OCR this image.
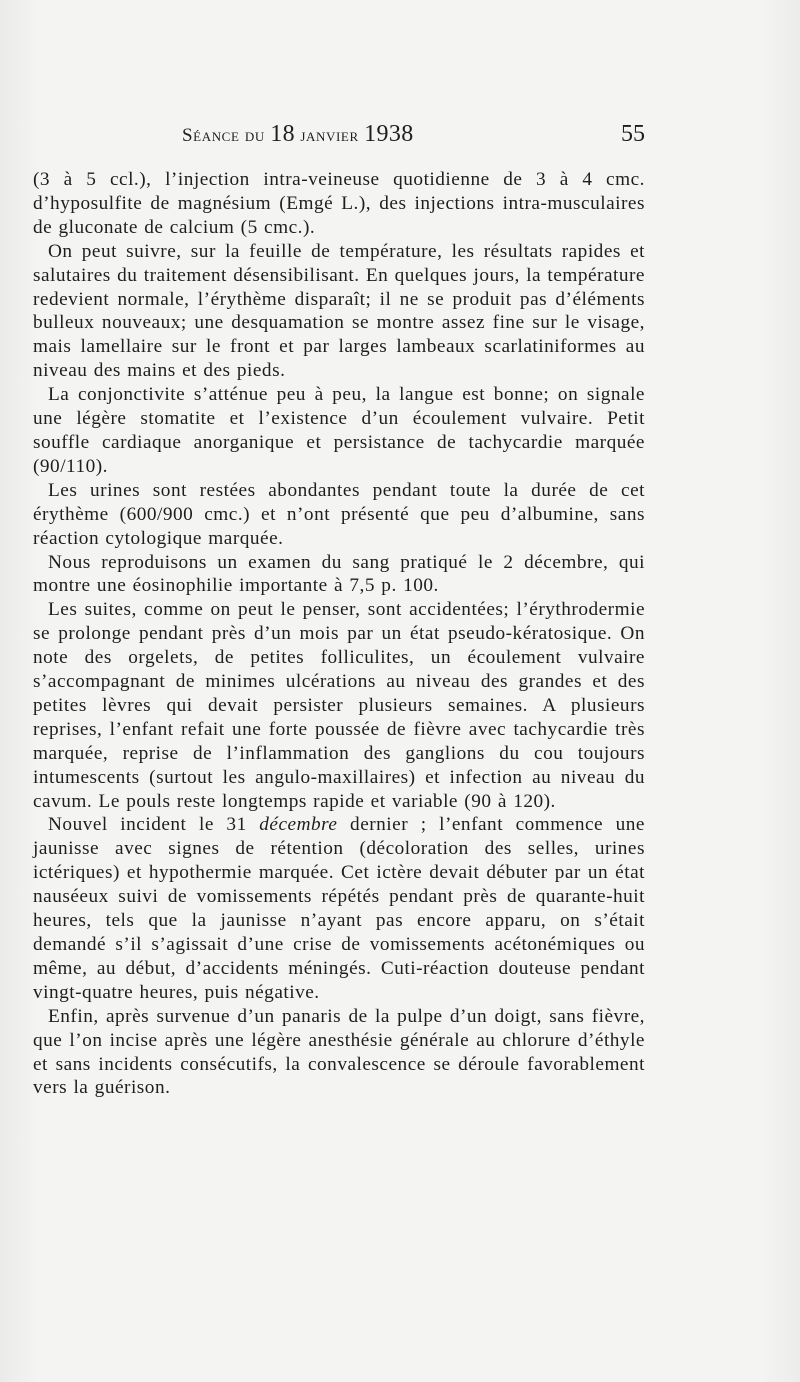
Séance du 18 janvier 1938	55

(3 à 5 ccl.), l’injection intra-veineuse quotidienne de 3 à 4 cmc. d’hyposulfite de magnésium (Emgé L.), des injections intra-musculaires de gluconate de calcium (5 cmc.).

On peut suivre, sur la feuille de température, les résultats rapides et salutaires du traitement désensibilisant. En quelques jours, la température redevient normale, l’érythème disparaît; il ne se produit pas d’éléments bulleux nouveaux; une desquamation se montre assez fine sur le visage, mais lamellaire sur le front et par larges lambeaux scarlatiniformes au niveau des mains et des pieds.

La conjonctivite s’atténue peu à peu, la langue est bonne; on signale une légère stomatite et l’existence d’un écoulement vulvaire. Petit souffle cardiaque anorganique et persistance de tachycardie marquée (90/110).

Les urines sont restées abondantes pendant toute la durée de cet érythème (600/900 cmc.) et n’ont présenté que peu d’albumine, sans réaction cytologique marquée.

Nous reproduisons un examen du sang pratiqué le 2 décembre, qui montre une éosinophilie importante à 7,5 p. 100.

Les suites, comme on peut le penser, sont accidentées; l’érythrodermie se prolonge pendant près d’un mois par un état pseudo-kératosique. On note des orgelets, de petites folliculites, un écoulement vulvaire s’accompagnant de minimes ulcérations au niveau des grandes et des petites lèvres qui devait persister plusieurs semaines. A plusieurs reprises, l’enfant refait une forte poussée de fièvre avec tachycardie très marquée, reprise de l’inflammation des ganglions du cou toujours intumescents (surtout les angulo-maxillaires) et infection au niveau du cavum. Le pouls reste longtemps rapide et variable (90 à 120).

Nouvel incident le 31 décembre dernier ; l’enfant commence une jaunisse avec signes de rétention (décoloration des selles, urines ictériques) et hypothermie marquée. Cet ictère devait débuter par un état nauséeux suivi de vomissements répétés pendant près de quarante-huit heures, tels que la jaunisse n’ayant pas encore apparu, on s’était demandé s’il s’agissait d’une crise de vomissements acétonémiques ou même, au début, d’accidents méningés. Cuti-réaction douteuse pendant vingt-quatre heures, puis négative.

Enfin, après survenue d’un panaris de la pulpe d’un doigt, sans fièvre, que l’on incise après une légère anesthésie générale au chlorure d’éthyle et sans incidents consécutifs, la convalescence se déroule favorablement vers la guérison.
